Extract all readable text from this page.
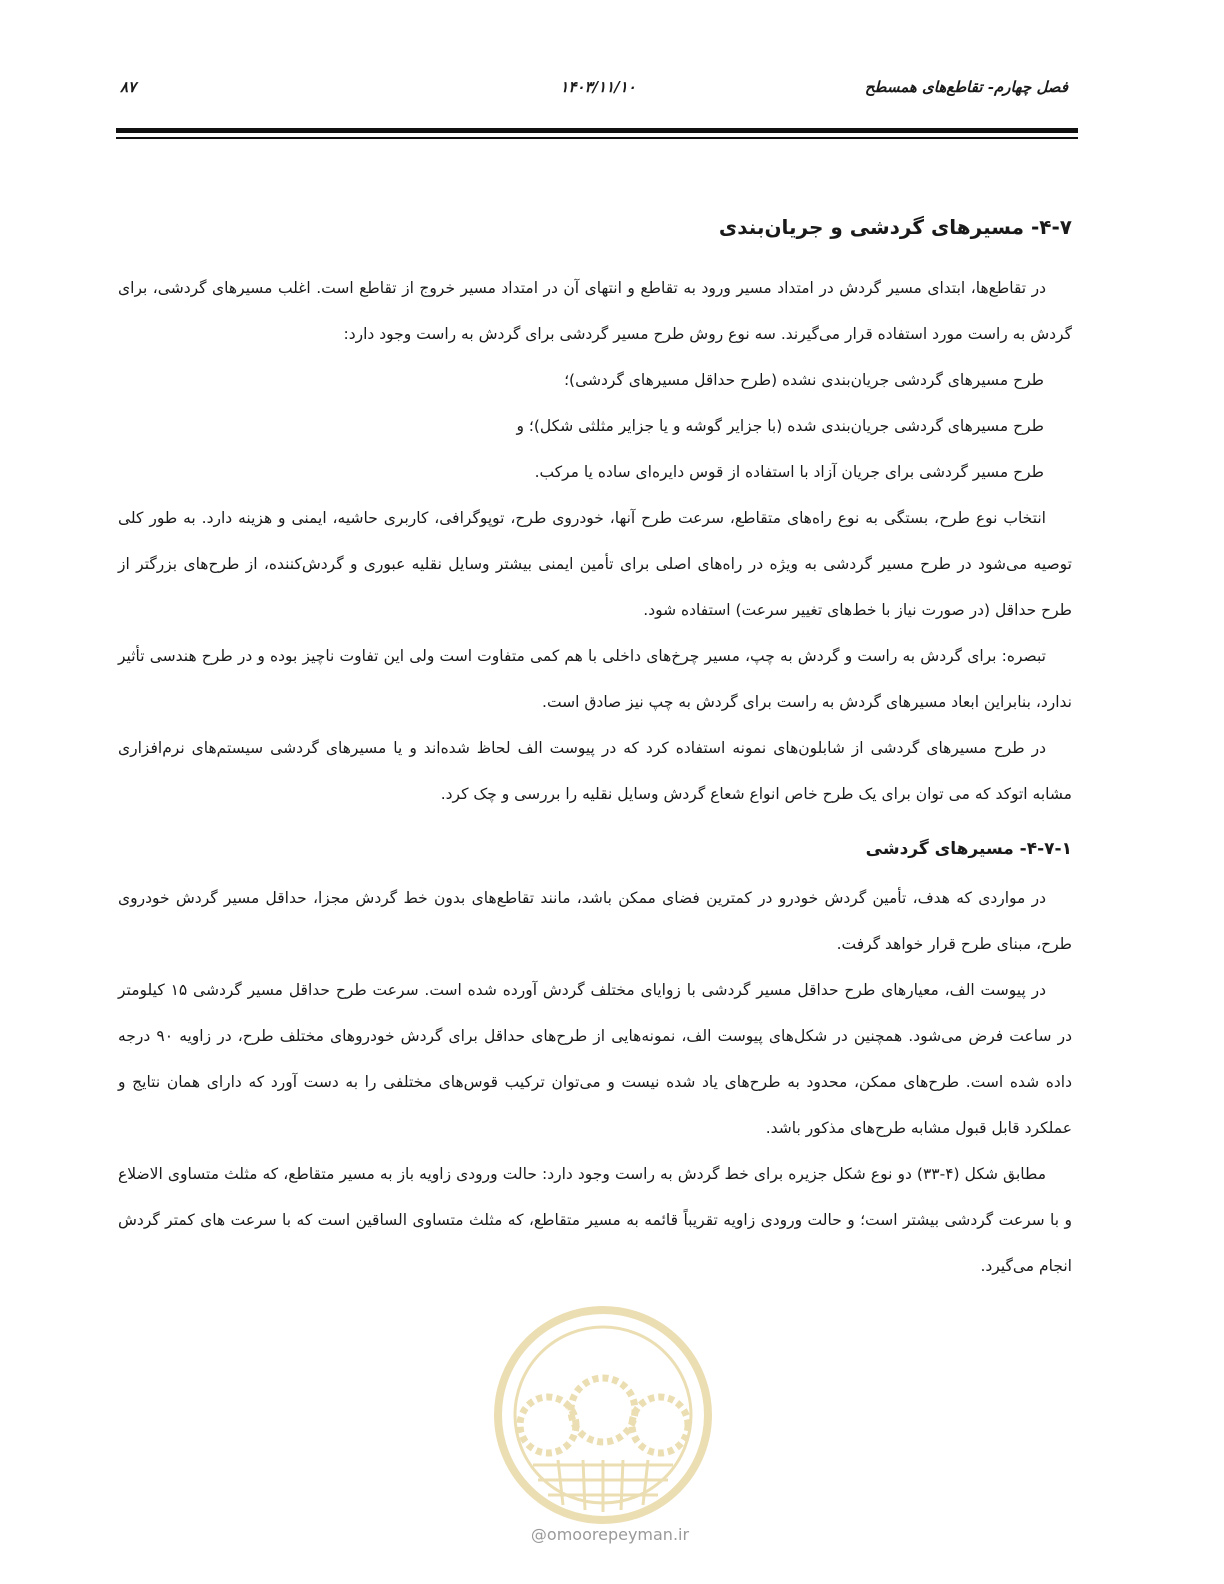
فصل چهارم- تقاطع‌های همسطح
۱۴۰۳/۱۱/۱۰
۸۷
۴-۷- مسیرهای گردشی و جریان‌بندی

در تقاطع‌ها، ابتدای مسیر گردش در امتداد مسیر ورود به تقاطع و انتهای آن در امتداد مسیر خروج از تقاطع است. اغلب مسیرهای گردشی، برای گردش به راست مورد استفاده قرار می‌گیرند. سه نوع روش طرح مسیر گردشی برای گردش به راست وجود دارد:

طرح مسیرهای گردشی جریان‌بندی نشده (طرح حداقل مسیرهای گردشی)؛

طرح مسیرهای گردشی جریان‌بندی شده (با جزایر گوشه و یا جزایر مثلثی شکل)؛ و

طرح مسیر گردشی برای جریان آزاد با استفاده از قوس دایره‌ای ساده یا مرکب.

انتخاب نوع طرح، بستگی به نوع راه‌های متقاطع، سرعت طرح آنها، خودروی طرح، توپوگرافی، کاربری حاشیه، ایمنی و هزینه دارد. به طور کلی توصیه می‌شود در طرح مسیر گردشی به ویژه در راه‌های اصلی برای تأمین ایمنی بیشتر وسایل نقلیه عبوری و گردش‌کننده، از طرح‌های بزرگتر از طرح حداقل (در صورت نیاز با خط‌های تغییر سرعت) استفاده شود.

تبصره: برای گردش به راست و گردش به چپ، مسیر چرخ‌های داخلی با هم کمی متفاوت است ولی این تفاوت ناچیز بوده و در طرح هندسی تأثیر ندارد، بنابراین ابعاد مسیرهای گردش به راست برای گردش به چپ نیز صادق است.

در طرح مسیرهای گردشی از شابلون‌های نمونه استفاده کرد که در پیوست الف لحاظ شده‌اند و یا مسیرهای گردشی سیستم‌های نرم‌افزاری مشابه اتوکد که می توان برای یک طرح خاص انواع شعاع گردش وسایل نقلیه را بررسی و چک کرد.

۴-۷-۱- مسیرهای گردشی

در مواردی که هدف، تأمین گردش خودرو در کمترین فضای ممکن باشد، مانند تقاطع‌های بدون خط گردش مجزا، حداقل مسیر گردش خودروی طرح، مبنای طرح قرار خواهد گرفت.

در پیوست الف، معیارهای طرح حداقل مسیر گردشی با زوایای مختلف گردش آورده شده است. سرعت طرح حداقل مسیر گردشی ۱۵ کیلومتر در ساعت فرض می‌شود. همچنین در شکل‌های پیوست الف، نمونه‌هایی از طرح‌های حداقل برای گردش خودروهای مختلف طرح، در زاویه ۹۰ درجه داده شده است. طرح‌های ممکن، محدود به طرح‌های یاد شده نیست و می‌توان ترکیب قوس‌های مختلفی را به دست آورد که دارای همان نتایج و عملکرد قابل قبول مشابه طرح‌های مذکور باشد.

مطابق شکل (۴-۳۳) دو نوع شکل جزیره برای خط گردش به راست وجود دارد: حالت ورودی زاویه باز به مسیر متقاطع، که مثلث متساوی الاضلاع و با سرعت گردشی بیشتر است؛ و حالت ورودی زاویه تقریباً قائمه به مسیر متقاطع، که مثلث متساوی الساقین است که با سرعت های کمتر گردش انجام می‌گیرد.

@omoorepeyman.ir
